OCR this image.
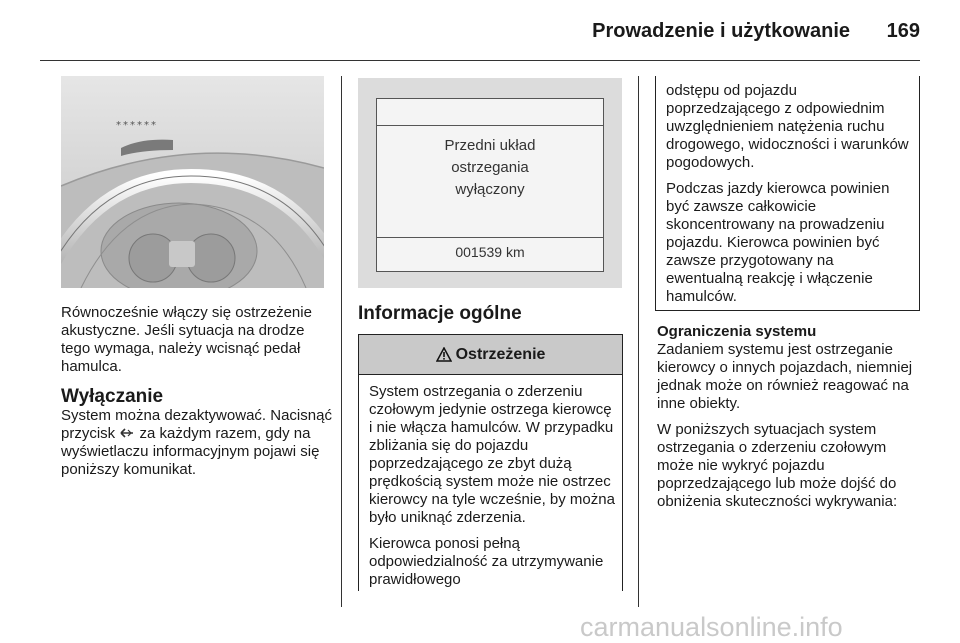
Prowadzenie i użytkowanie	169
******
Równocześnie włączy się ostrzeżenie akustyczne. Jeśli sytuacja na drodze tego wymaga, należy wcisnąć pedał hamulca.
Wyłączanie
System można dezaktywować. Nacisnąć przycisk  za każdym razem, gdy na wyświetlaczu informacyjnym pojawi się poniższy komunikat.
Przedni układ
ostrzegania
wyłączony
001539 km
Informacje ogólne
Ostrzeżenie

System ostrzegania o zderzeniu czołowym jedynie ostrzega kierowcę i nie włącza hamulców. W przypadku zbliżania się do pojazdu poprzedzającego ze zbyt dużą prędkością system może nie ostrzec kierowcy na tyle wcześnie, by można było uniknąć zderzenia.

Kierowca ponosi pełną odpowiedzialność za utrzymywanie prawidłowego

odstępu od pojazdu poprzedzającego z odpowiednim uwzględnieniem natężenia ruchu drogowego, widoczności i warunków pogodowych.

Podczas jazdy kierowca powinien być zawsze całkowicie skoncentrowany na prowadzeniu pojazdu. Kierowca powinien być zawsze przygotowany na ewentualną reakcję i włączenie hamulców.

Ograniczenia systemu

Zadaniem systemu jest ostrzeganie kierowcy o innych pojazdach, niemniej jednak może on również reagować na inne obiekty.

W poniższych sytuacjach system ostrzegania o zderzeniu czołowym może nie wykryć pojazdu poprzedzającego lub może dojść do obniżenia skuteczności wykrywania:

carmanualsonline.info
